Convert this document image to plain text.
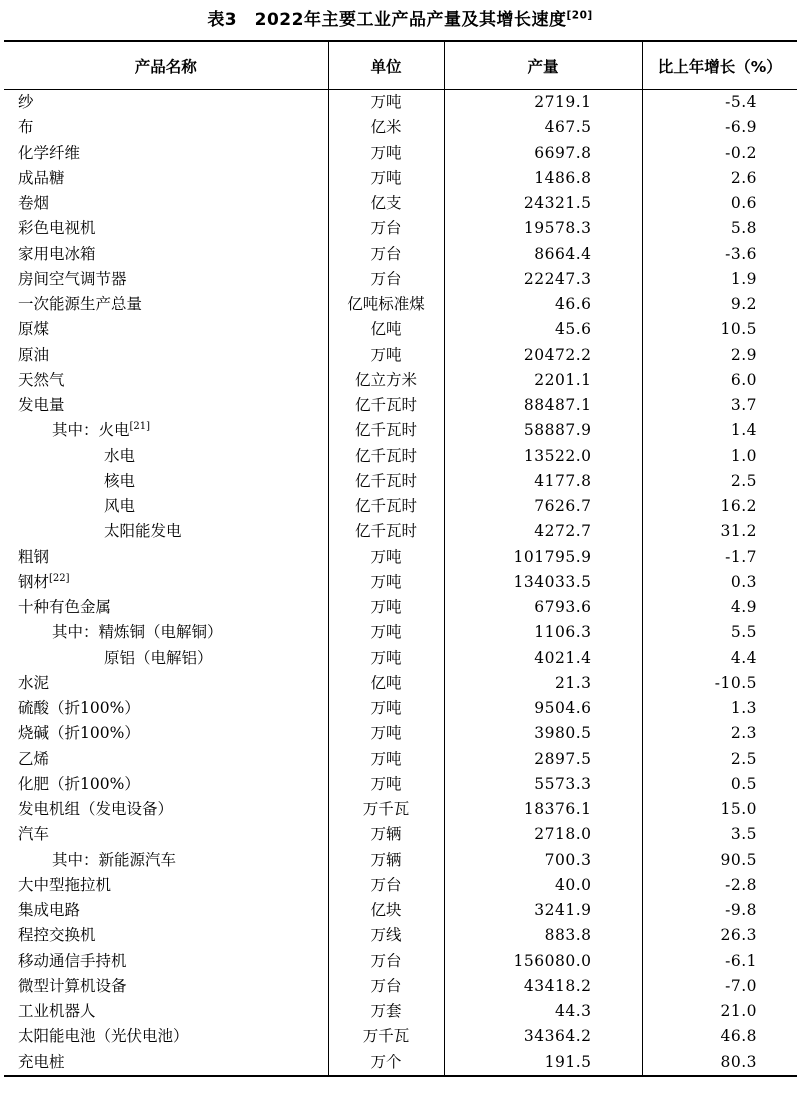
表3　2022年主要工业产品产量及其增长速度[20]
产品名称	单位	产量	比上年增长（%）
纱	万吨	2719.1	-5.4
布	亿米	467.5	-6.9
化学纤维	万吨	6697.8	-0.2
成品糖	万吨	1486.8	2.6
卷烟	亿支	24321.5	0.6
彩色电视机	万台	19578.3	5.8
家用电冰箱	万台	8664.4	-3.6
房间空气调节器	万台	22247.3	1.9
一次能源生产总量	亿吨标准煤	46.6	9.2
原煤	亿吨	45.6	10.5
原油	万吨	20472.2	2.9
天然气	亿立方米	2201.1	6.0
发电量	亿千瓦时	88487.1	3.7
其中：火电[21]	亿千瓦时	58887.9	1.4
水电	亿千瓦时	13522.0	1.0
核电	亿千瓦时	4177.8	2.5
风电	亿千瓦时	7626.7	16.2
太阳能发电	亿千瓦时	4272.7	31.2
粗钢	万吨	101795.9	-1.7
钢材[22]	万吨	134033.5	0.3
十种有色金属	万吨	6793.6	4.9
其中：精炼铜（电解铜）	万吨	1106.3	5.5
原铝（电解铝）	万吨	4021.4	4.4
水泥	亿吨	21.3	-10.5
硫酸（折100%）	万吨	9504.6	1.3
烧碱（折100%）	万吨	3980.5	2.3
乙烯	万吨	2897.5	2.5
化肥（折100%）	万吨	5573.3	0.5
发电机组（发电设备）	万千瓦	18376.1	15.0
汽车	万辆	2718.0	3.5
其中：新能源汽车	万辆	700.3	90.5
大中型拖拉机	万台	40.0	-2.8
集成电路	亿块	3241.9	-9.8
程控交换机	万线	883.8	26.3
移动通信手持机	万台	156080.0	-6.1
微型计算机设备	万台	43418.2	-7.0
工业机器人	万套	44.3	21.0
太阳能电池（光伏电池）	万千瓦	34364.2	46.8
充电桩	万个	191.5	80.3
